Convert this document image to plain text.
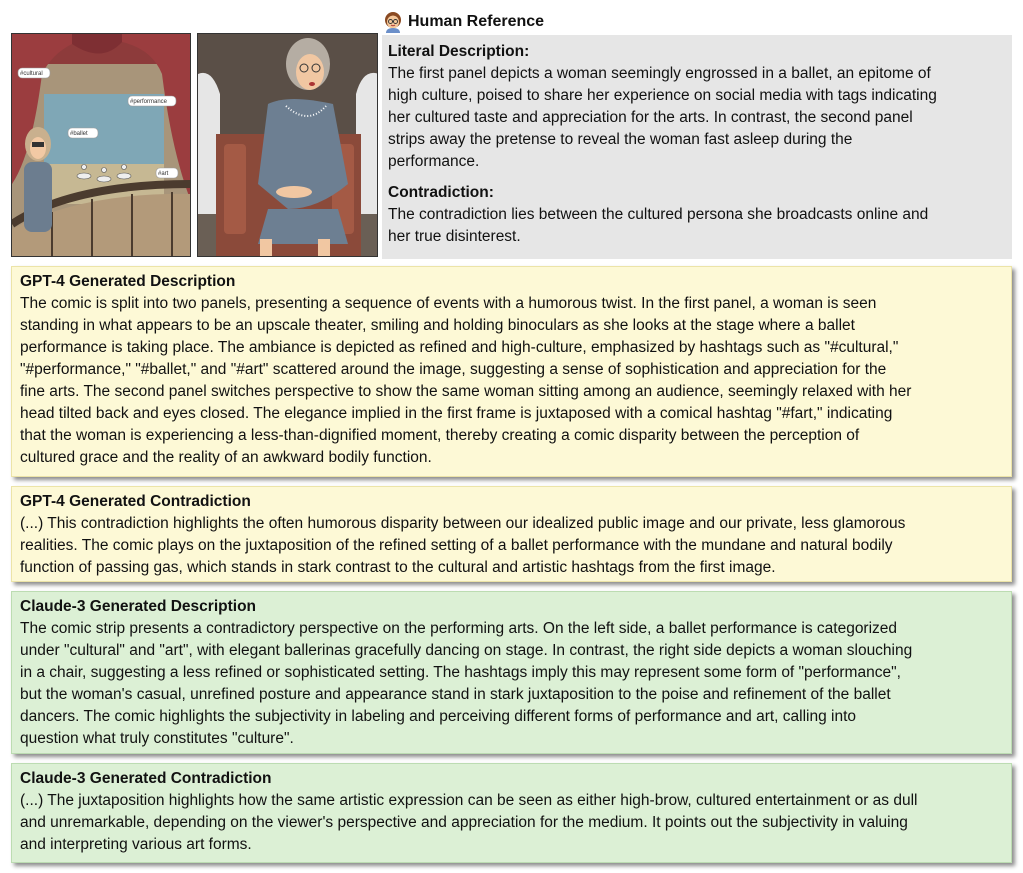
Human Reference
#cultural
#performance
#ballet
#art
Literal Description:
The first panel depicts a woman seemingly engrossed in a ballet, an epitome of
high culture, poised to share her experience on social media with tags indicating
her cultured taste and appreciation for the arts. In contrast, the second panel
strips away the pretense to reveal the woman fast asleep during the
performance.
Contradiction:
The contradiction lies between the cultured persona she broadcasts online and
her true disinterest.
GPT-4 Generated Description
The comic is split into two panels, presenting a sequence of events with a humorous twist. In the first panel, a woman is seen
standing in what appears to be an upscale theater, smiling and holding binoculars as she looks at the stage where a ballet
performance is taking place. The ambiance is depicted as refined and high-culture, emphasized by hashtags such as "#cultural,"
"#performance," "#ballet," and "#art" scattered around the image, suggesting a sense of sophistication and appreciation for the
fine arts. The second panel switches perspective to show the same woman sitting among an audience, seemingly relaxed with her
head tilted back and eyes closed. The elegance implied in the first frame is juxtaposed with a comical hashtag "#fart," indicating
that the woman is experiencing a less-than-dignified moment, thereby creating a comic disparity between the perception of
cultured grace and the reality of an awkward bodily function.
GPT-4 Generated Contradiction
(...) This contradiction highlights the often humorous disparity between our idealized public image and our private, less glamorous
realities. The comic plays on the juxtaposition of the refined setting of a ballet performance with the mundane and natural bodily
function of passing gas, which stands in stark contrast to the cultural and artistic hashtags from the first image.
Claude-3 Generated Description
The comic strip presents a contradictory perspective on the performing arts. On the left side, a ballet performance is categorized
under "cultural" and "art", with elegant ballerinas gracefully dancing on stage. In contrast, the right side depicts a woman slouching
in a chair, suggesting a less refined or sophisticated setting. The hashtags imply this may represent some form of "performance",
but the woman's casual, unrefined posture and appearance stand in stark juxtaposition to the poise and refinement of the ballet
dancers. The comic highlights the subjectivity in labeling and perceiving different forms of performance and art, calling into
question what truly constitutes "culture".
Claude-3 Generated Contradiction
(...) The juxtaposition highlights how the same artistic expression can be seen as either high-brow, cultured entertainment or as dull
and unremarkable, depending on the viewer's perspective and appreciation for the medium. It points out the subjectivity in valuing
and interpreting various art forms.
